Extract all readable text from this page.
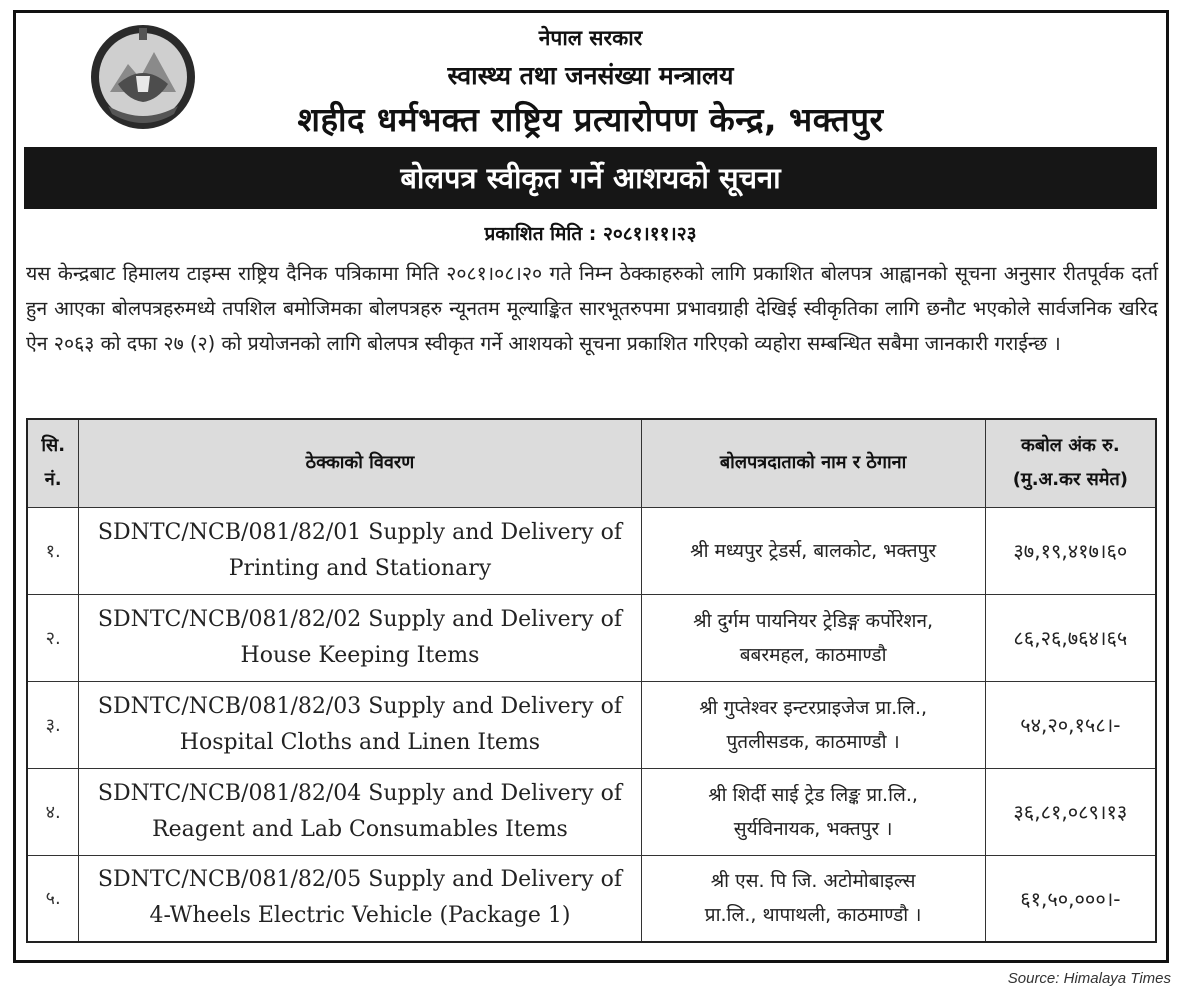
नेपाल सरकार
स्वास्थ्य तथा जनसंख्या मन्त्रालय
शहीद धर्मभक्त राष्ट्रिय प्रत्यारोपण केन्द्र, भक्तपुर
बोलपत्र स्वीकृत गर्ने आशयको सूचना
प्रकाशित मिति : २०८१।११।२३
यस केन्द्रबाट हिमालय टाइम्स राष्ट्रिय दैनिक पत्रिकामा मिति २०८१।०८।२० गते निम्न ठेक्काहरुको लागि प्रकाशित बोलपत्र आह्वानको सूचना अनुसार रीतपूर्वक दर्ता हुन आएका बोलपत्रहरुमध्ये तपशिल बमोजिमका बोलपत्रहरु न्यूनतम मूल्याङ्कित सारभूतरुपमा प्रभावग्राही देखिई स्वीकृतिका लागि छनौट भएकोले सार्वजनिक खरिद ऐन २०६३ को दफा २७ (२) को प्रयोजनको लागि बोलपत्र स्वीकृत गर्ने आशयको सूचना प्रकाशित गरिएको व्यहोरा सम्बन्धित सबैमा जानकारी गराईन्छ ।
सि.
नं.	ठेक्काको विवरण	बोलपत्रदाताको नाम र ठेगाना	कबोल अंक रु.
(मु.अ.कर समेत)
१.	SDNTC/NCB/081/82/01 Supply and Delivery of
Printing and Stationary	श्री मध्यपुर ट्रेडर्स, बालकोट, भक्तपुर	३७,१९,४१७।६०
२.	SDNTC/NCB/081/82/02 Supply and Delivery of
House Keeping Items	श्री दुर्गम पायनियर ट्रेडिङ्ग कर्पोरेशन,
बबरमहल, काठमाण्डौ	८६,२६,७६४।६५
३.	SDNTC/NCB/081/82/03 Supply and Delivery of
Hospital Cloths and Linen Items	श्री गुप्तेश्वर इन्टरप्राइजेज प्रा.लि.,
पुतलीसडक, काठमाण्डौ ।	५४,२०,१५८।-
४.	SDNTC/NCB/081/82/04 Supply and Delivery of
Reagent and Lab Consumables Items	श्री शिर्दी साई ट्रेड लिङ्क प्रा.लि.,
सुर्यविनायक, भक्तपुर ।	३६,८१,०८९।१३
५.	SDNTC/NCB/081/82/05 Supply and Delivery of
4-Wheels Electric Vehicle (Package 1)	श्री एस. पि जि. अटोमोबाइल्स
प्रा.लि., थापाथली, काठमाण्डौ ।	६१,५०,०००।-
Source: Himalaya Times
